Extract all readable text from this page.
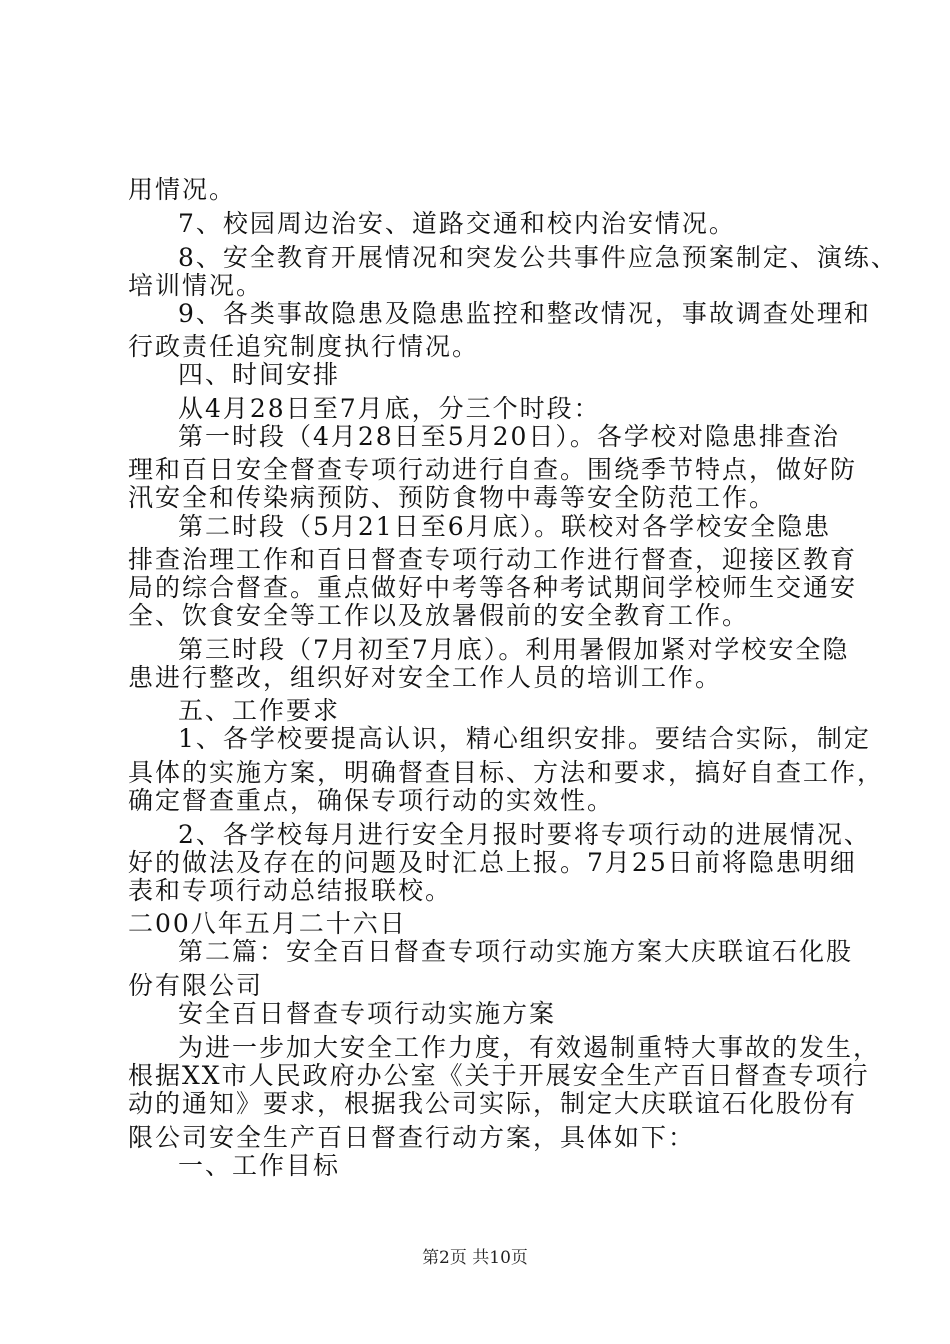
用情况。
7、校园周边治安、道路交通和校内治安情况。
8、安全教育开展情况和突发公共事件应急预案制定、演练、
培训情况。
9、各类事故隐患及隐患监控和整改情况，事故调查处理和
行政责任追究制度执行情况。
四、时间安排
从4月28日至7月底，分三个时段：
第一时段（4月28日至5月20日）。各学校对隐患排查治
理和百日安全督查专项行动进行自查。围绕季节特点，做好防
汛安全和传染病预防、预防食物中毒等安全防范工作。
第二时段（5月21日至6月底）。联校对各学校安全隐患
排查治理工作和百日督查专项行动工作进行督查，迎接区教育
局的综合督查。重点做好中考等各种考试期间学校师生交通安
全、饮食安全等工作以及放暑假前的安全教育工作。
第三时段（7月初至7月底）。利用暑假加紧对学校安全隐
患进行整改，组织好对安全工作人员的培训工作。
五、工作要求
1、各学校要提高认识，精心组织安排。要结合实际，制定
具体的实施方案，明确督查目标、方法和要求，搞好自查工作，
确定督查重点，确保专项行动的实效性。
2、各学校每月进行安全月报时要将专项行动的进展情况、
好的做法及存在的问题及时汇总上报。7月25日前将隐患明细
表和专项行动总结报联校。
二00八年五月二十六日
第二篇：安全百日督查专项行动实施方案大庆联谊石化股
份有限公司
安全百日督查专项行动实施方案
为进一步加大安全工作力度，有效遏制重特大事故的发生，
根据XX市人民政府办公室《关于开展安全生产百日督查专项行
动的通知》要求，根据我公司实际，制定大庆联谊石化股份有
限公司安全生产百日督查行动方案，具体如下：
一、工作目标
第2页 共10页
